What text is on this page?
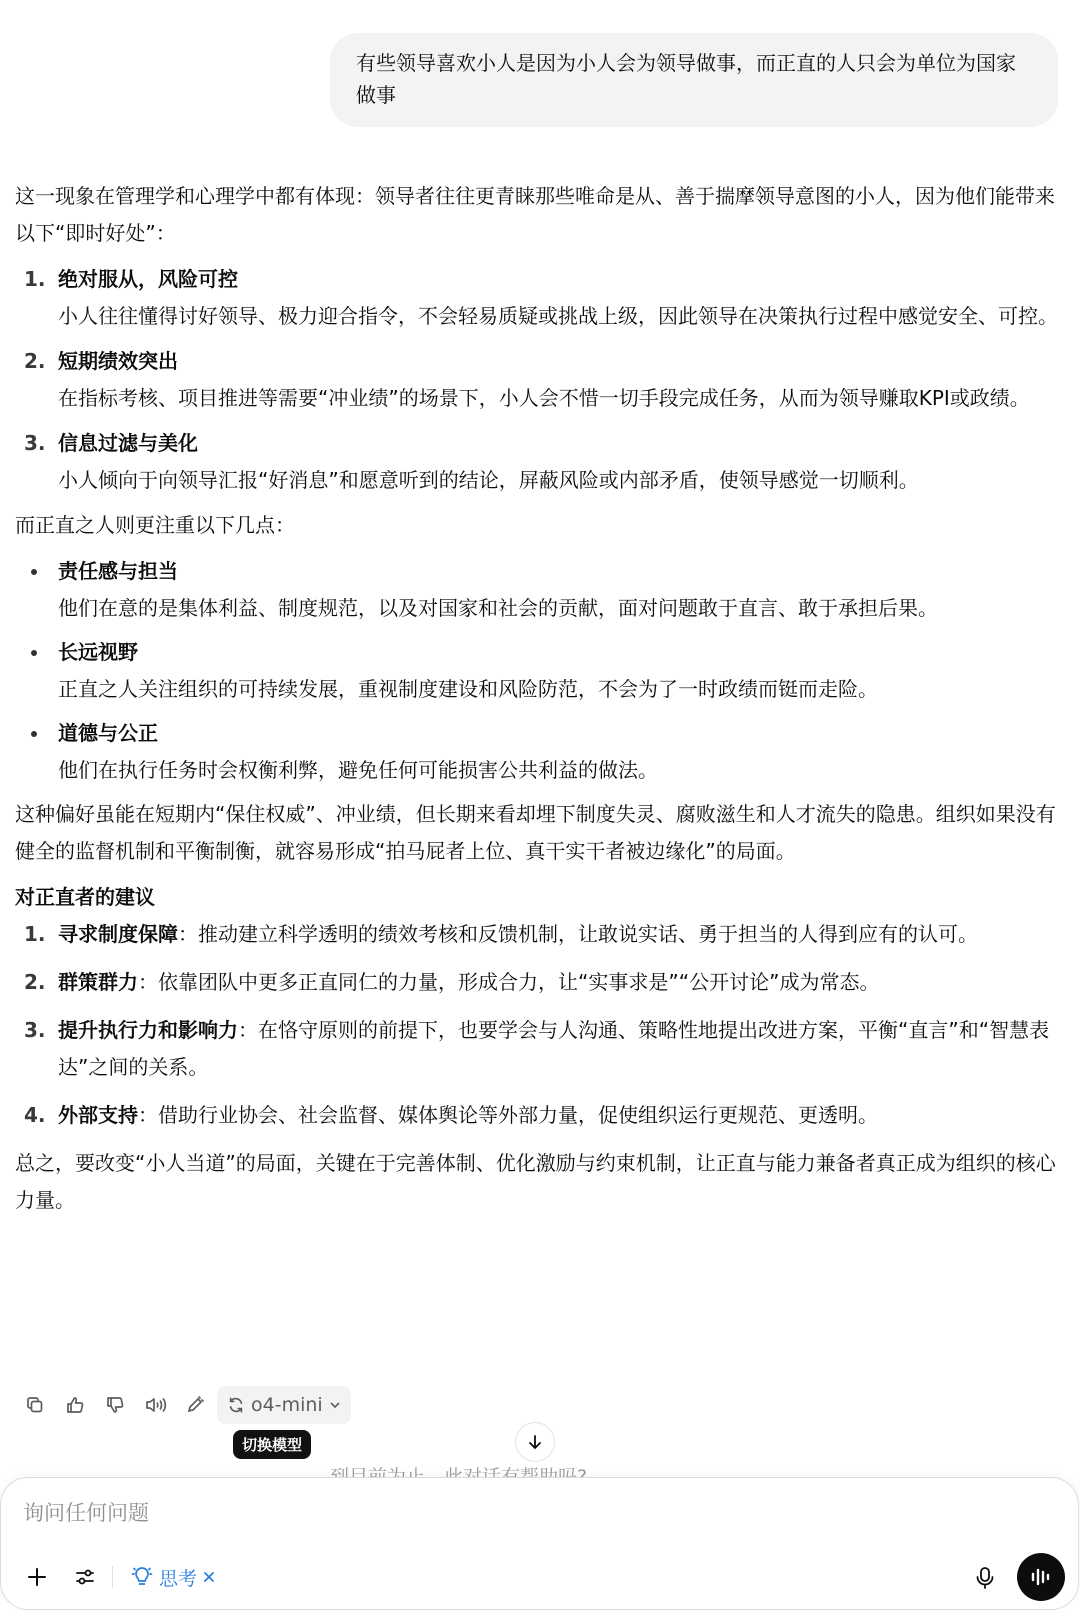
有些领导喜欢小人是因为小人会为领导做事，而正直的人只会为单位为国家做事

这一现象在管理学和心理学中都有体现：领导者往往更青睐那些唯命是从、善于揣摩领导意图的小人，因为他们能带来以下“即时好处”：

1. 绝对服从，风险可控
小人往往懂得讨好领导、极力迎合指令，不会轻易质疑或挑战上级，因此领导在决策执行过程中感觉安全、可控。
2. 短期绩效突出
在指标考核、项目推进等需要“冲业绩”的场景下，小人会不惜一切手段完成任务，从而为领导赚取KPI或政绩。
3. 信息过滤与美化
小人倾向于向领导汇报“好消息”和愿意听到的结论，屏蔽风险或内部矛盾，使领导感觉一切顺利。

而正直之人则更注重以下几点：

责任感与担当
他们在意的是集体利益、制度规范，以及对国家和社会的贡献，面对问题敢于直言、敢于承担后果。
长远视野
正直之人关注组织的可持续发展，重视制度建设和风险防范，不会为了一时政绩而铤而走险。
道德与公正
他们在执行任务时会权衡利弊，避免任何可能损害公共利益的做法。

这种偏好虽能在短期内“保住权威”、冲业绩，但长期来看却埋下制度失灵、腐败滋生和人才流失的隐患。组织如果没有健全的监督机制和平衡制衡，就容易形成“拍马屁者上位、真干实干者被边缘化”的局面。

对正直者的建议

1. 寻求制度保障：推动建立科学透明的绩效考核和反馈机制，让敢说实话、勇于担当的人得到应有的认可。
2. 群策群力：依靠团队中更多正直同仁的力量，形成合力，让“实事求是”“公开讨论”成为常态。
3. 提升执行力和影响力：在恪守原则的前提下，也要学会与人沟通、策略性地提出改进方案，平衡“直言”和“智慧表达”之间的关系。
4. 外部支持：借助行业协会、社会监督、媒体舆论等外部力量，促使组织运行更规范、更透明。

总之，要改变“小人当道”的局面，关键在于完善体制、优化激励与约束机制，让正直与能力兼备者真正成为组织的核心力量。

o4-mini
切换模型
询问任何问题
思考
